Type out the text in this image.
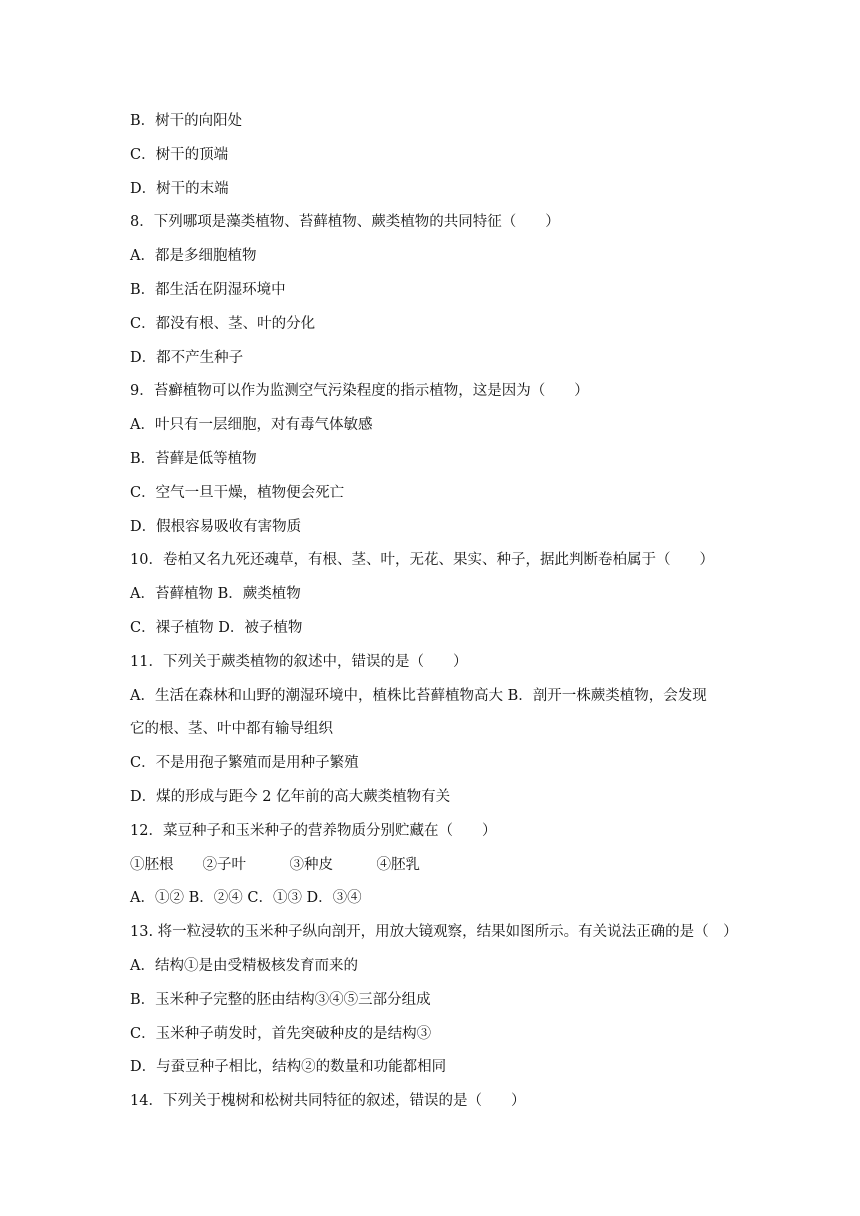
B．树干的向阳处
C．树干的顶端
D．树干的末端
8．下列哪项是藻类植物、苔藓植物、蕨类植物的共同特征（　　）
A．都是多细胞植物
B．都生活在阴湿环境中
C．都没有根、茎、叶的分化
D．都不产生种子
9．苔癣植物可以作为监测空气污染程度的指示植物，这是因为（　　）
A．叶只有一层细胞，对有毒气体敏感
B．苔藓是低等植物
C．空气一旦干燥，植物便会死亡
D．假根容易吸收有害物质
10．卷柏又名九死还魂草，有根、茎、叶，无花、果实、种子，据此判断卷柏属于（　　）
A．苔藓植物 B．蕨类植物
C．裸子植物 D．被子植物
11．下列关于蕨类植物的叙述中，错误的是（　　）
A．生活在森林和山野的潮湿环境中，植株比苔藓植物高大 B．剖开一株蕨类植物，会发现
它的根、茎、叶中都有输导组织
C．不是用孢子繁殖而是用种子繁殖
D．煤的形成与距今 2 亿年前的高大蕨类植物有关
12．菜豆种子和玉米种子的营养物质分别贮藏在（　　）
①胚根　　②子叶　　　③种皮　　　④胚乳
A．①② B．②④ C．①③ D．③④
13. 将一粒浸软的玉米种子纵向剖开，用放大镜观察，结果如图所示。有关说法正确的是（　）
A．结构①是由受精极核发育而来的
B．玉米种子完整的胚由结构③④⑤三部分组成
C．玉米种子萌发时，首先突破种皮的是结构③
D．与蚕豆种子相比，结构②的数量和功能都相同
14．下列关于槐树和松树共同特征的叙述，错误的是（　　）
